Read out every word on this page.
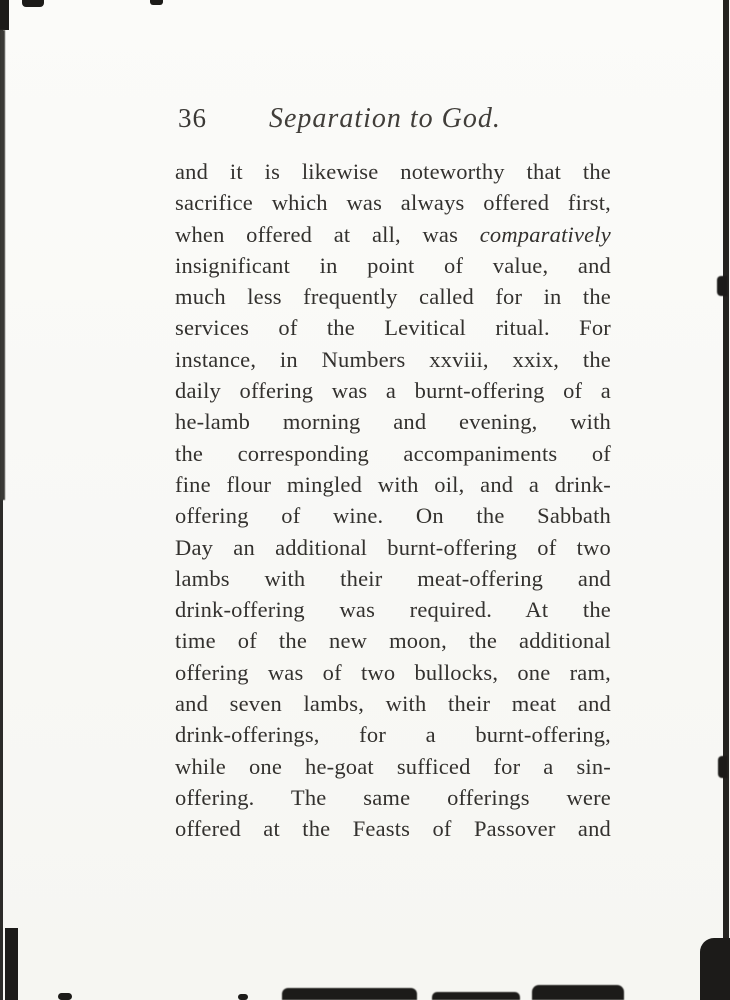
36 Separation to God.
and it is likewise noteworthy that the
sacrifice which was always offered first,
when offered at all, was comparatively
insignificant in point of value, and
much less frequently called for in the
services of the Levitical ritual. For
instance, in Numbers xxviii, xxix, the
daily offering was a burnt-offering of a
he-lamb morning and evening, with
the corresponding accompaniments of
fine flour mingled with oil, and a drink-
offering of wine. On the Sabbath
Day an additional burnt-offering of two
lambs with their meat-offering and
drink-offering was required. At the
time of the new moon, the additional
offering was of two bullocks, one ram,
and seven lambs, with their meat and
drink-offerings, for a burnt-offering,
while one he-goat sufficed for a sin-
offering. The same offerings were
offered at the Feasts of Passover and
